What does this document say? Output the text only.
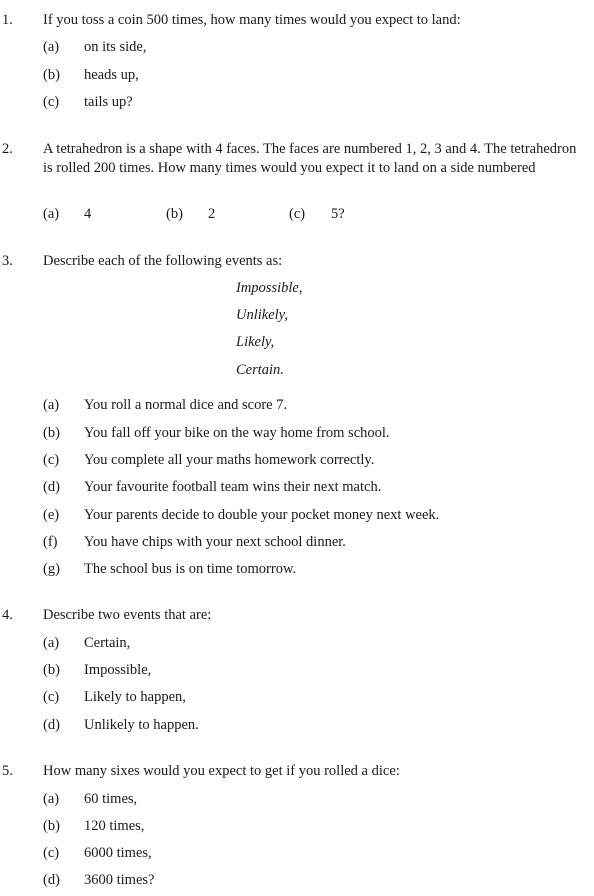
1. If you toss a coin 500 times, how many times would you expect to land:
(a) on its side,
(b) heads up,
(c) tails up?
2. A tetrahedron is a shape with 4 faces. The faces are numbered 1, 2, 3 and 4. The tetrahedron is rolled 200 times. How many times would you expect it to land on a side numbered
(a) 4	(b) 2	(c) 5?
3. Describe each of the following events as:
Impossible,
Unlikely,
Likely,
Certain.
(a) You roll a normal dice and score 7.
(b) You fall off your bike on the way home from school.
(c) You complete all your maths homework correctly.
(d) Your favourite football team wins their next match.
(e) Your parents decide to double your pocket money next week.
(f) You have chips with your next school dinner.
(g) The school bus is on time tomorrow.
4. Describe two events that are:
(a) Certain,
(b) Impossible,
(c) Likely to happen,
(d) Unlikely to happen.
5. How many sixes would you expect to get if you rolled a dice:
(a) 60 times,
(b) 120 times,
(c) 6000 times,
(d) 3600 times?
